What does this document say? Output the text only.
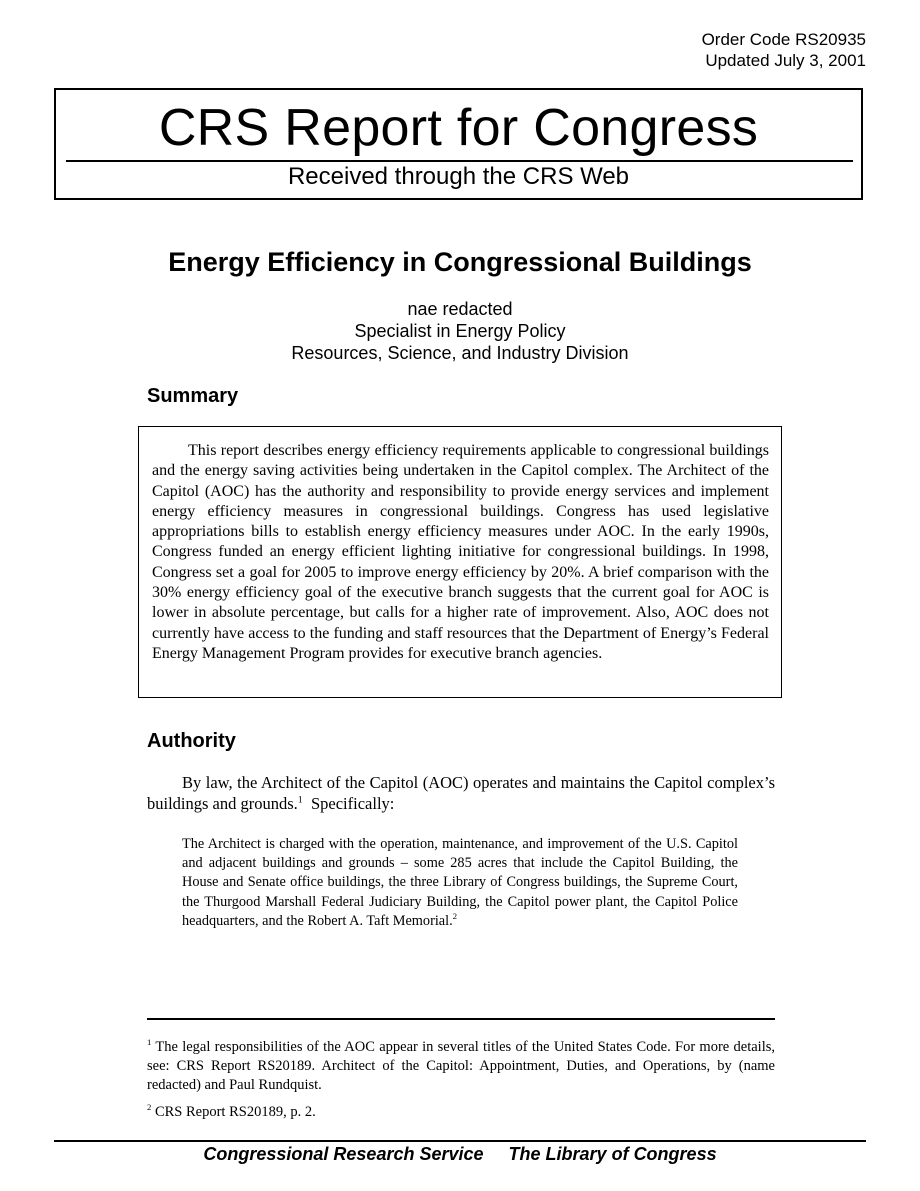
Order Code RS20935
Updated July 3, 2001
CRS Report for Congress
Received through the CRS Web
Energy Efficiency in Congressional Buildings
nae redacted
Specialist in Energy Policy
Resources, Science, and Industry Division
Summary

This report describes energy efficiency requirements applicable to congressional buildings and the energy saving activities being undertaken in the Capitol complex. The Architect of the Capitol (AOC) has the authority and responsibility to provide energy services and implement energy efficiency measures in congressional buildings. Congress has used legislative appropriations bills to establish energy efficiency measures under AOC. In the early 1990s, Congress funded an energy efficient lighting initiative for congressional buildings. In 1998, Congress set a goal for 2005 to improve energy efficiency by 20%. A brief comparison with the 30% energy efficiency goal of the executive branch suggests that the current goal for AOC is lower in absolute percentage, but calls for a higher rate of improvement. Also, AOC does not currently have access to the funding and staff resources that the Department of Energy’s Federal Energy Management Program provides for executive branch agencies.

Authority

By law, the Architect of the Capitol (AOC) operates and maintains the Capitol complex’s buildings and grounds.$^1$  Specifically:

The Architect is charged with the operation, maintenance, and improvement of the U.S. Capitol and adjacent buildings and grounds – some 285 acres that include the Capitol Building, the House and Senate office buildings, the three Library of Congress buildings, the Supreme Court, the Thurgood Marshall Federal Judiciary Building, the Capitol power plant, the Capitol Police headquarters, and the Robert A. Taft Memorial.$^2$

$^1$ The legal responsibilities of the AOC appear in several titles of the United States Code. For more details, see: CRS Report RS20189. Architect of the Capitol: Appointment, Duties, and Operations, by (name redacted) and Paul Rundquist.

$^2$ CRS Report RS20189, p. 2.

Congressional Research Service The Library of Congress
